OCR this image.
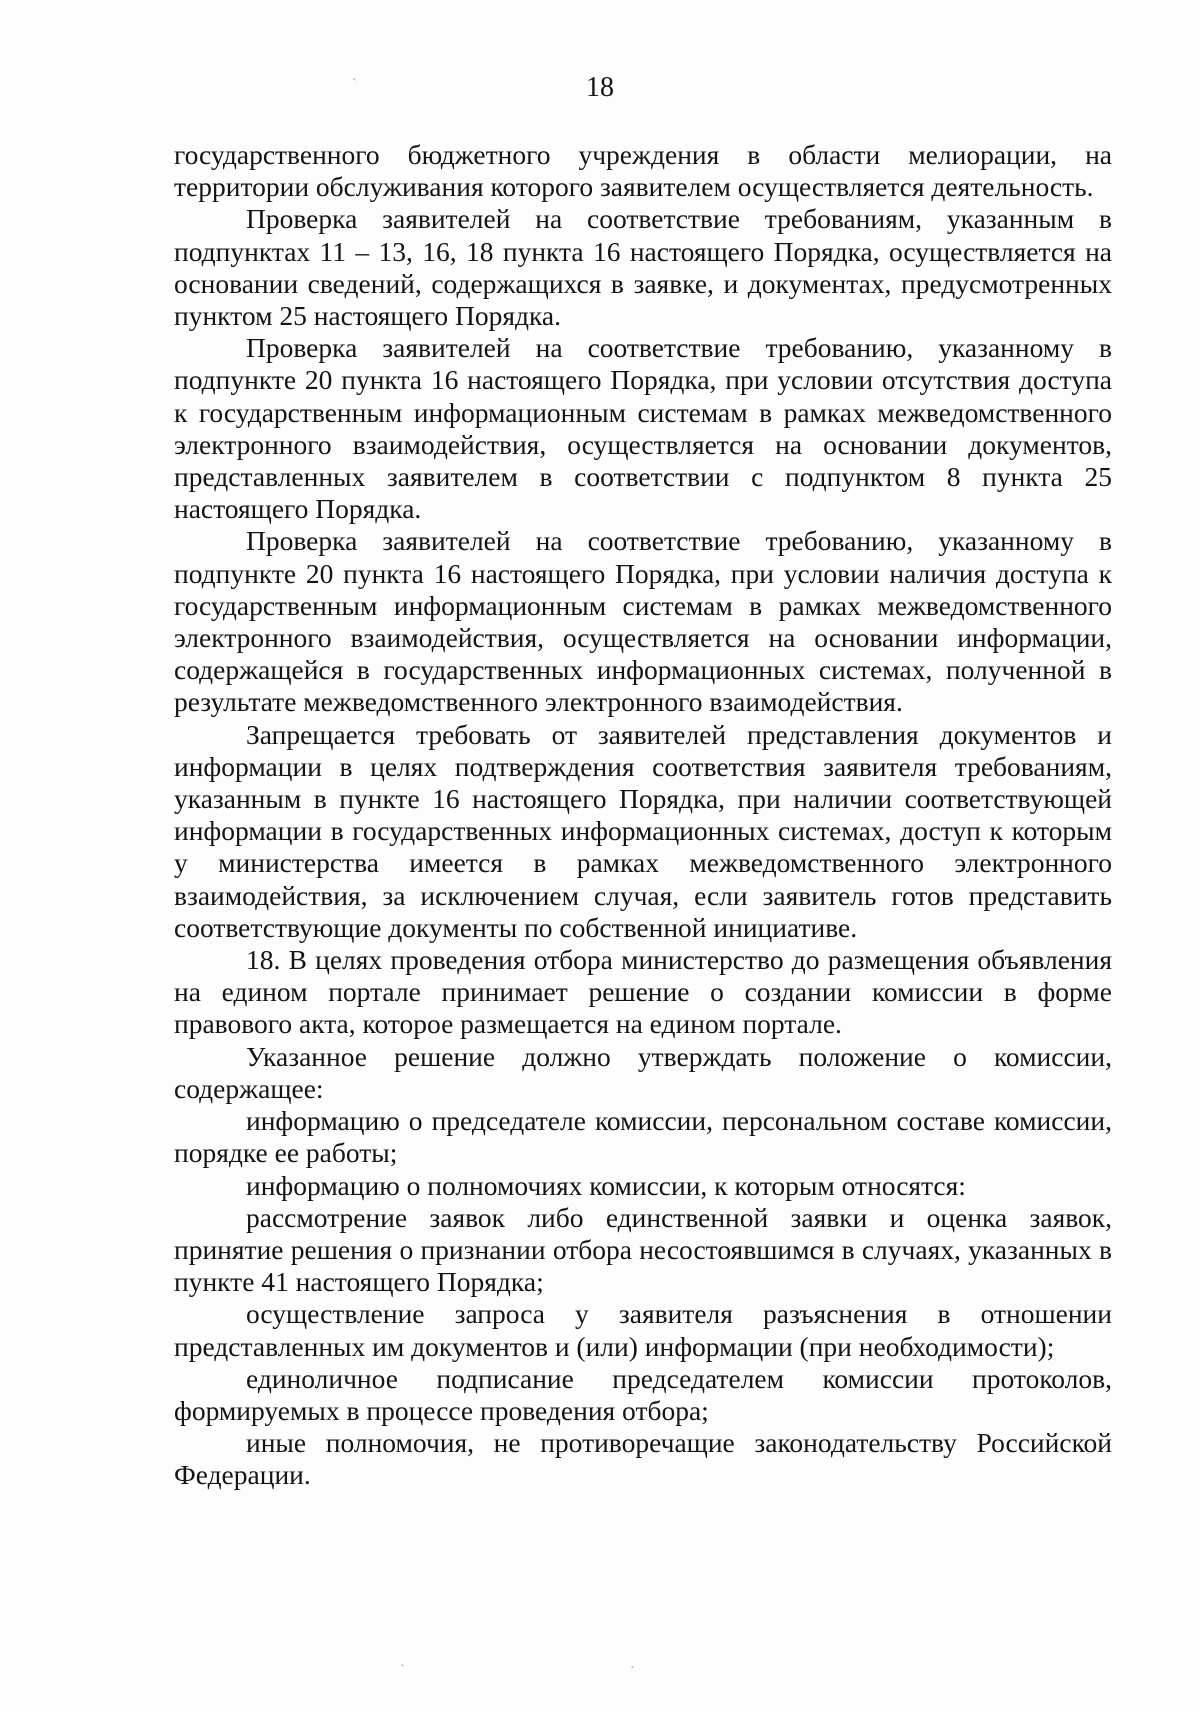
ˋ
·	·
18

государственного бюджетного учреждения в области мелиорации, на территории обслуживания которого заявителем осуществляется деятельность.

Проверка заявителей на соответствие требованиям, указанным в подпунктах 11 – 13, 16, 18 пункта 16 настоящего Порядка, осуществляется на основании сведений, содержащихся в заявке, и документах, предусмотренных пунктом 25 настоящего Порядка.

Проверка заявителей на соответствие требованию, указанному в подпункте 20 пункта 16 настоящего Порядка, при условии отсутствия доступа к государственным информационным системам в рамках межведомственного электронного взаимодействия, осуществляется на основании документов, представленных заявителем в соответствии с подпунктом 8 пункта 25 настоящего Порядка.

Проверка заявителей на соответствие требованию, указанному в подпункте 20 пункта 16 настоящего Порядка, при условии наличия доступа к государственным информационным системам в рамках межведомственного электронного взаимодействия, осуществляется на основании информации, содержащейся в государственных информационных системах, полученной в результате межведомственного электронного взаимодействия.

Запрещается требовать от заявителей представления документов и информации в целях подтверждения соответствия заявителя требованиям, указанным в пункте 16 настоящего Порядка, при наличии соответствующей информации в государственных информационных системах, доступ к которым у министерства имеется в рамках межведомственного электронного взаимодействия, за исключением случая, если заявитель готов представить соответствующие документы по собственной инициативе.

18. В целях проведения отбора министерство до размещения объявления на едином портале принимает решение о создании комиссии в форме правового акта, которое размещается на едином портале.

Указанное решение должно утверждать положение о комиссии, содержащее:

информацию о председателе комиссии, персональном составе комиссии, порядке ее работы;

информацию о полномочиях комиссии, к которым относятся:

рассмотрение заявок либо единственной заявки и оценка заявок, принятие решения о признании отбора несостоявшимся в случаях, указанных в пункте 41 настоящего Порядка;

осуществление запроса у заявителя разъяснения в отношении представленных им документов и (или) информации (при необходимости);

единоличное подписание председателем комиссии протоколов, формируемых в процессе проведения отбора;

иные полномочия, не противоречащие законодательству Российской Федерации.
